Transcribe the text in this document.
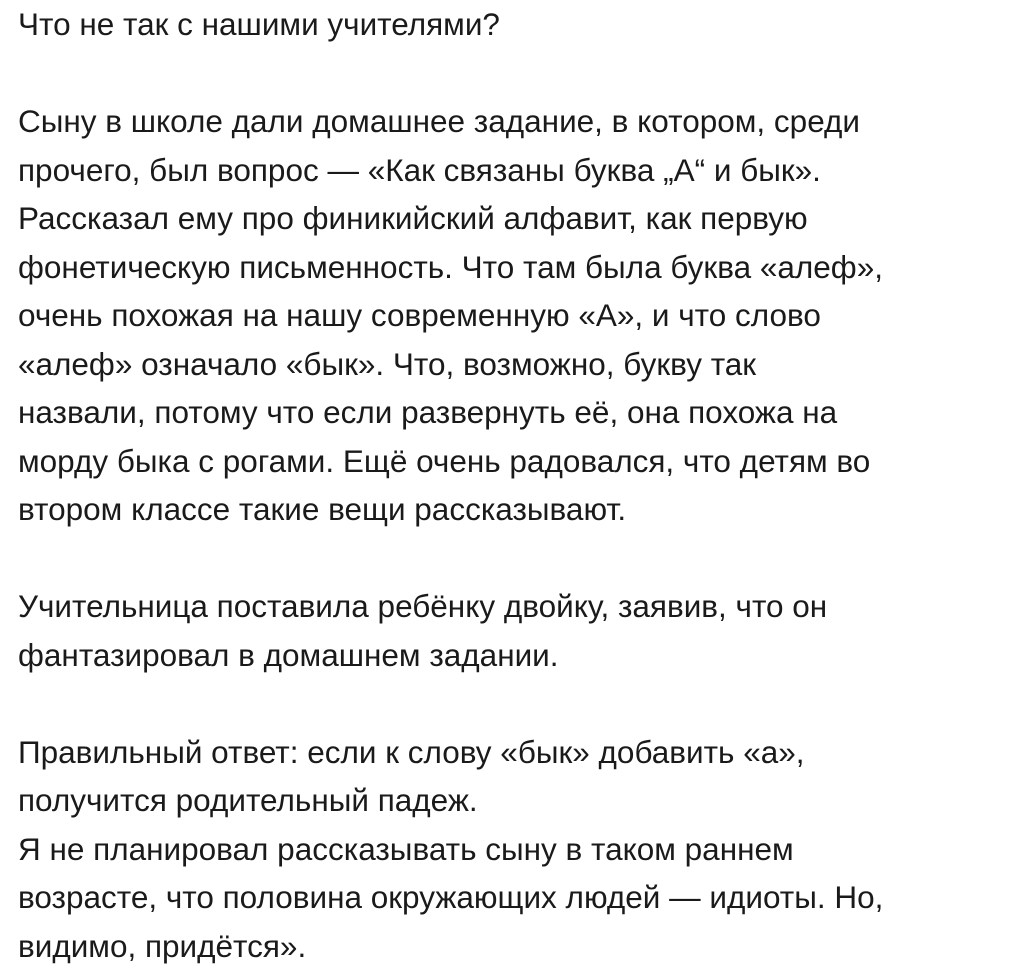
Что не так с нашими учителями?
Сыну в школе дали домашнее задание, в котором, среди
прочего, был вопрос — «Как связаны буква „А“ и бык».
Рассказал ему про финикийский алфавит, как первую
фонетическую письменность. Что там была буква «алеф»,
очень похожая на нашу современную «А», и что слово
«алеф» означало «бык». Что, возможно, букву так
назвали, потому что если развернуть её, она похожа на
морду быка с рогами. Ещё очень радовался, что детям во
втором классе такие вещи рассказывают.
Учительница поставила ребёнку двойку, заявив, что он
фантазировал в домашнем задании.
Правильный ответ: если к слову «бык» добавить «а»,
получится родительный падеж.
Я не планировал рассказывать сыну в таком раннем
возрасте, что половина окружающих людей — идиоты. Но,
видимо, придётся».
